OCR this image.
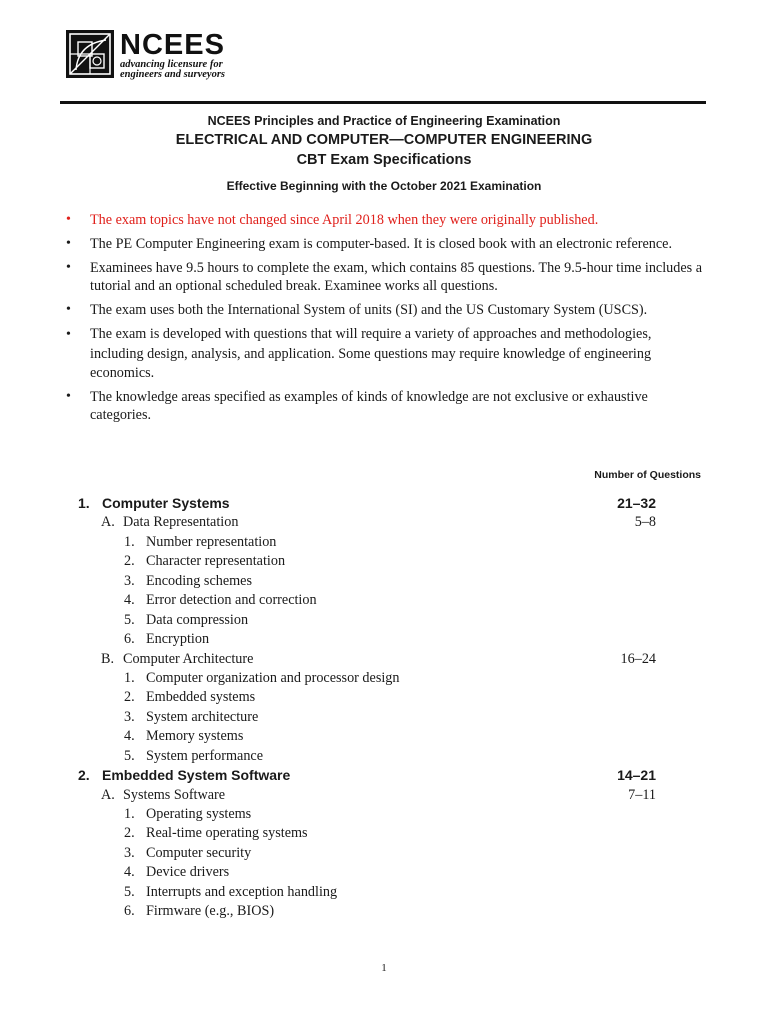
NCEES
advancing licensure for
engineers and surveyors
NCEES Principles and Practice of Engineering Examination
ELECTRICAL AND COMPUTER—COMPUTER ENGINEERING
CBT Exam Specifications
Effective Beginning with the October 2021 Examination
• The exam topics have not changed since April 2018 when they were originally published.
• The PE Computer Engineering exam is computer-based. It is closed book with an electronic reference.
• Examinees have 9.5 hours to complete the exam, which contains 85 questions. The 9.5-hour time includes a tutorial and an optional scheduled break. Examinee works all questions.
• The exam uses both the International System of units (SI) and the US Customary System (USCS).
• The exam is developed with questions that will require a variety of approaches and methodologies, including design, analysis, and application. Some questions may require knowledge of engineering economics.
• The knowledge areas specified as examples of kinds of knowledge are not exclusive or exhaustive categories.
Number of Questions
1. Computer Systems	21–32
A. Data Representation	5–8
1. Number representation
2. Character representation
3. Encoding schemes
4. Error detection and correction
5. Data compression
6. Encryption
B. Computer Architecture	16–24
1. Computer organization and processor design
2. Embedded systems
3. System architecture
4. Memory systems
5. System performance
2. Embedded System Software	14–21
A. Systems Software	7–11
1. Operating systems
2. Real-time operating systems
3. Computer security
4. Device drivers
5. Interrupts and exception handling
6. Firmware (e.g., BIOS)
1
